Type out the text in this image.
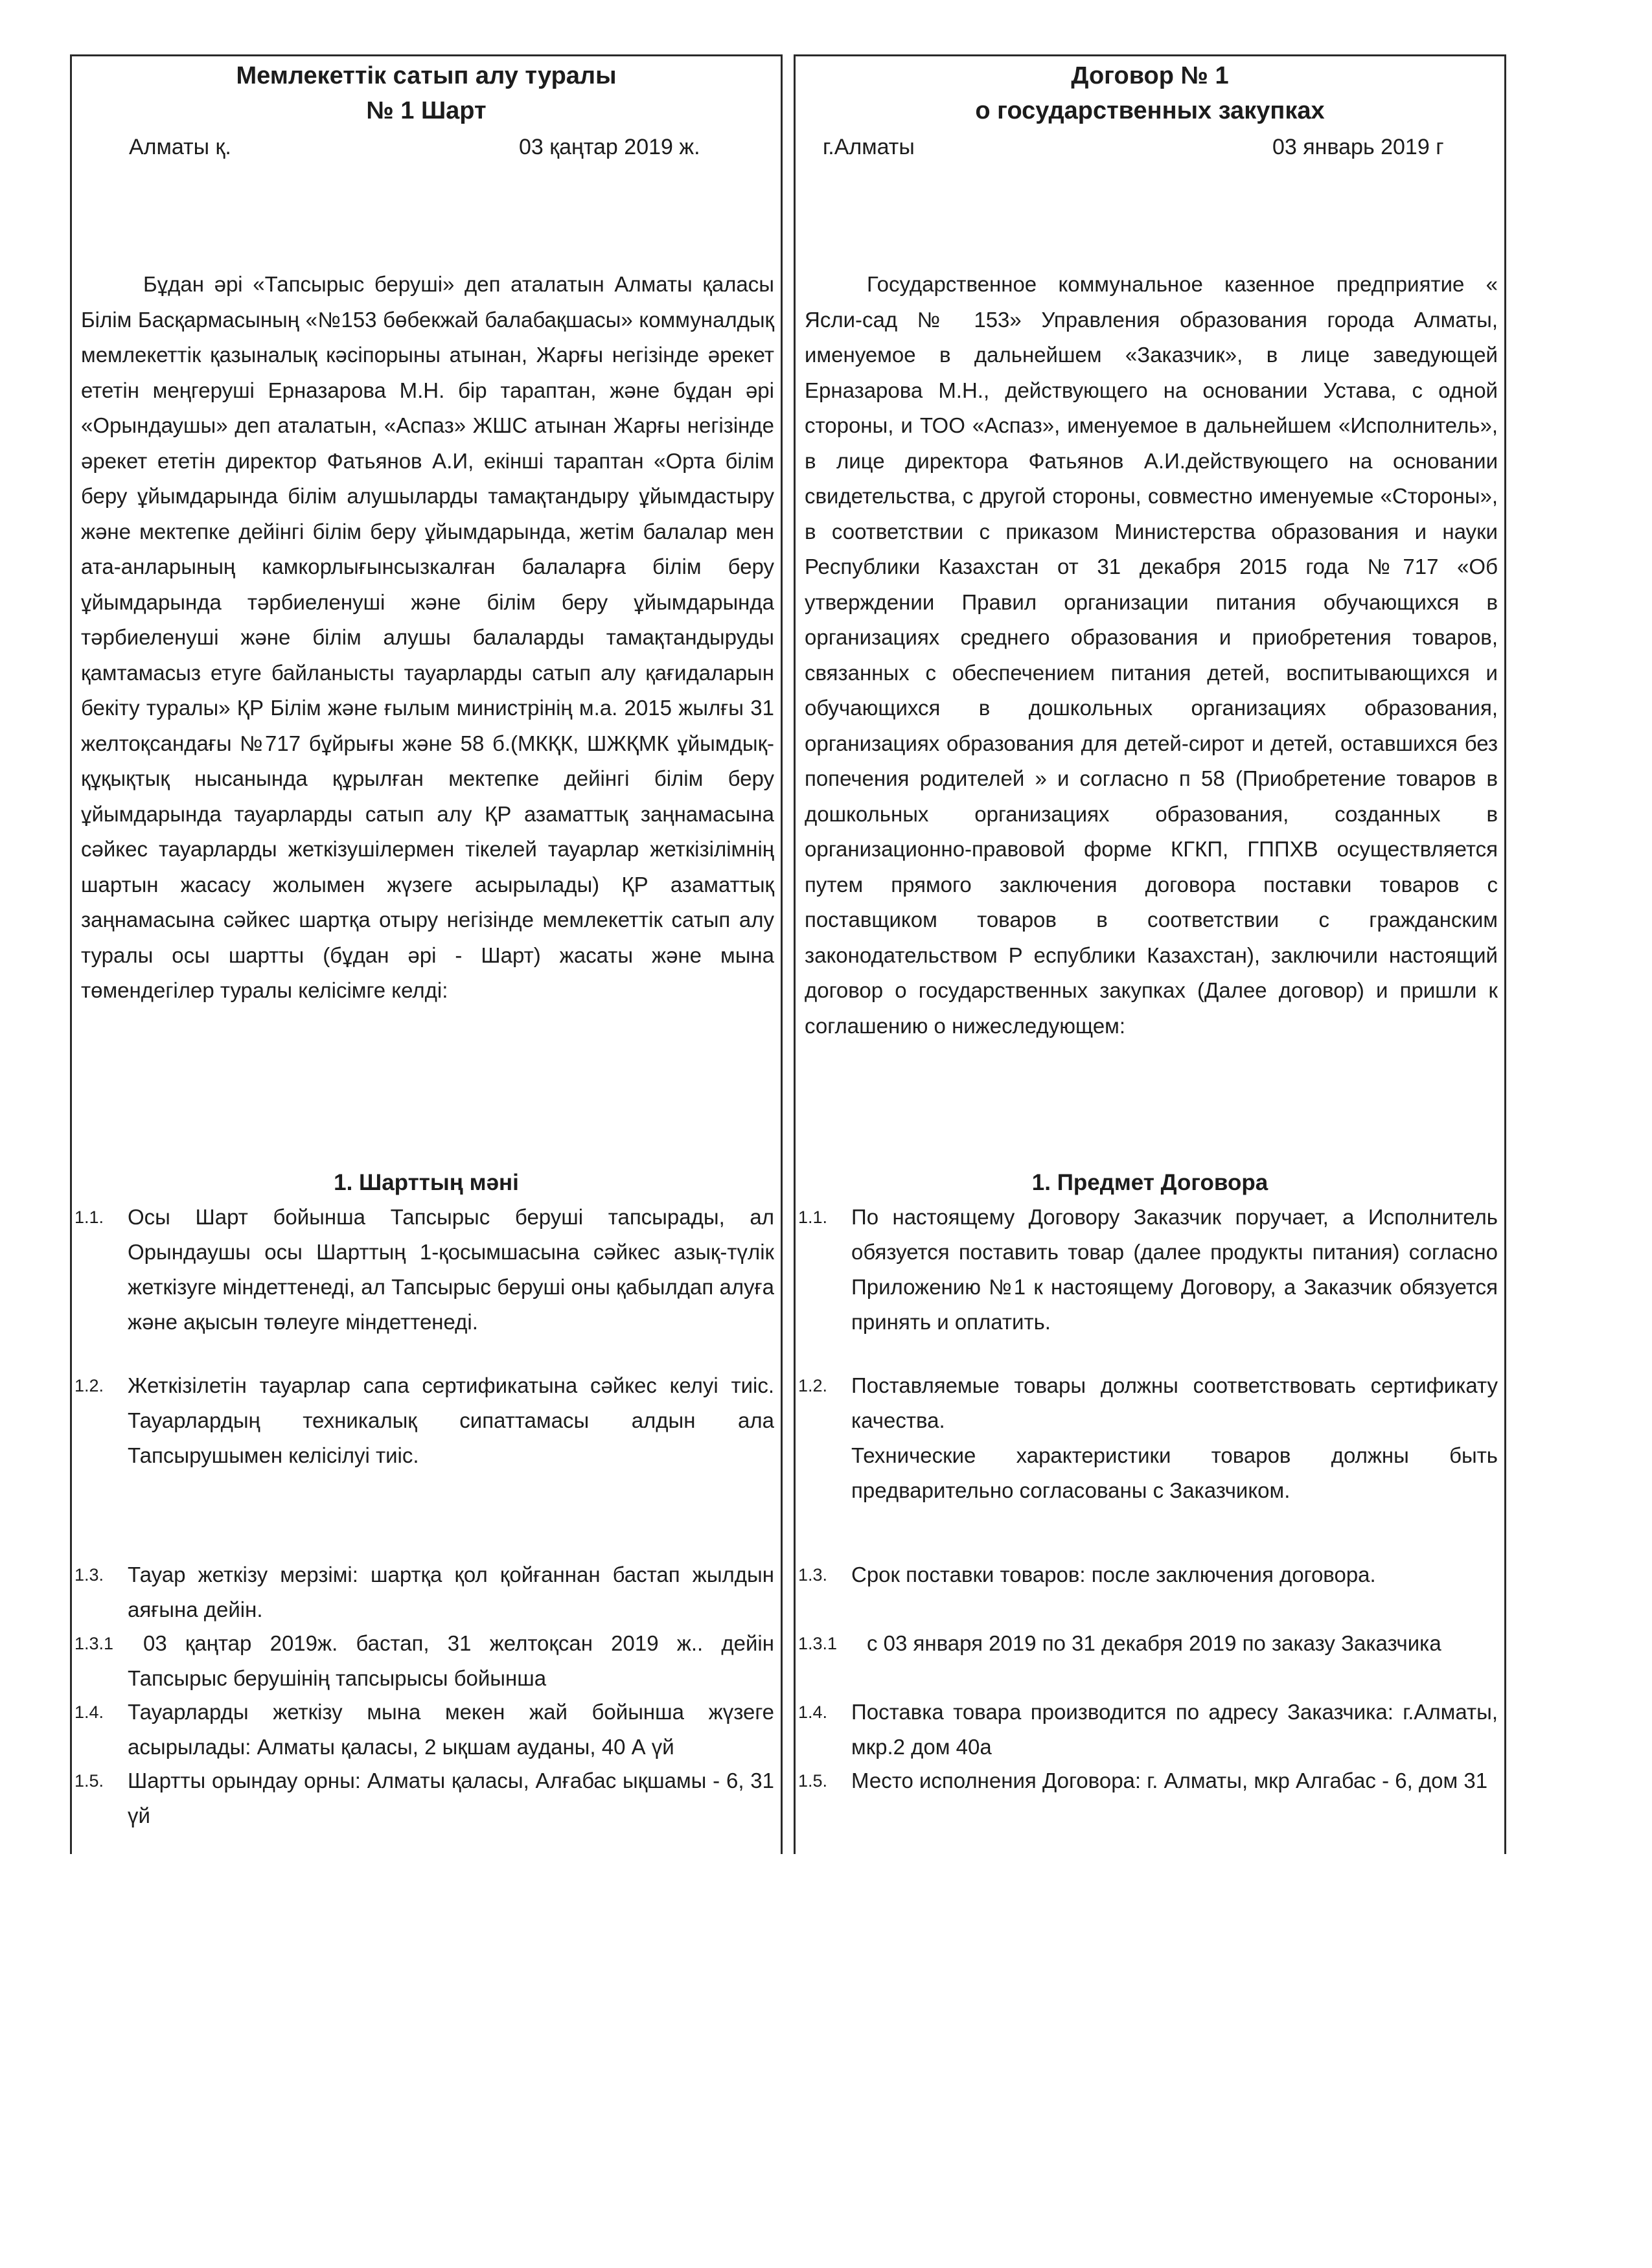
Мемлекеттік сатып алу туралы
№ 1 Шарт
Алматы қ.	03 қаңтар 2019 ж.
Бұдан әрі «Тапсырыс беруші» деп аталатын Алматы қаласы Білім Басқармасының «№153 бөбекжай балабақшасы» коммуналдық мемлекеттік қазыналық кәсіпорыны атынан, Жарғы негізінде әрекет ететін меңгеруші Ерназарова М.Н. бір тараптан, және бұдан әрі «Орындаушы» деп аталатын, «Аспаз» ЖШС атынан Жарғы негізінде әрекет ететін директор Фатьянов А.И, екінші тараптан «Орта білім беру ұйымдарында білім алушыларды тамақтандыру ұйымдастыру және мектепке дейінгі білім беру ұйымдарында, жетім балалар мен ата-анларының камкорлығынсызкалған балаларға білім беру ұйымдарында тәрбиеленуші және білім беру ұйымдарында тәрбиеленуші және білім алушы балаларды тамақтандыруды қамтамасыз етуге байланысты тауарларды сатып алу қағидаларын бекіту туралы» ҚР Білім және ғылым министрінің м.а. 2015 жылғы 31 желтоқсандағы №717 бұйрығы және 58 б.(МКҚК, ШЖҚМК ұйымдық-құқықтық нысанында құрылған мектепке дейінгі білім беру ұйымдарында тауарларды сатып алу ҚР азаматтық заңнамасына сәйкес тауарларды жеткізушілермен тікелей тауарлар жеткізілімнің шартын жасасу жолымен жүзеге асырылады) ҚР азаматтық заңнамасына сәйкес шартқа отыру негізінде мемлекеттік сатып алу туралы осы шартты (бұдан әрі - Шарт) жасаты және мына төмендегілер туралы келісімге келді:
1. Шарттың мәні
1.1. Осы Шарт бойынша Тапсырыс беруші тапсырады, ал Орындаушы осы Шарттың 1-қосымшасына сәйкес азық-түлік жеткізуге міндеттенеді, ал Тапсырыс беруші оны қабылдап алуға және ақысын төлеуге міндеттенеді.
1.2. Жеткізілетін тауарлар сапа сертификатына сәйкес келуі тиіс. Тауарлардың техникалық сипаттамасы алдын ала Тапсырушымен келісілуі тиіс.
1.3. Тауар жеткізу мерзімі: шартқа қол қойғаннан бастап жылдын аяғына дейін.
1.3.1	03 қаңтар 2019ж. бастап, 31 желтоқсан 2019 ж.. дейін Тапсырыс берушінің тапсырысы бойынша
1.4. Тауарларды жеткізу мына мекен жай бойынша жүзеге асырылады: Алматы қаласы, 2 ықшам ауданы, 40 А үй
1.5. Шартты орындау орны: Алматы қаласы, Алғабас ықшамы - 6, 31 үй
Договор № 1
о государственных закупках
г.Алматы	03 январь 2019 г
Государственное коммунальное казенное предприятие « Ясли-сад № 153» Управления образования города Алматы, именуемое в дальнейшем «Заказчик», в лице заведующей Ерназарова М.Н., действующего на основании Устава, с одной стороны, и ТОО «Аспаз», именуемое в дальнейшем «Исполнитель», в лице директора Фатьянов А.И.действующего на основании свидетельства, с другой стороны, совместно именуемые «Стороны», в соответствии с приказом Министерства образования и науки Республики Казахстан от 31 декабря 2015 года №717 «Об утверждении Правил организации питания обучающихся в организациях среднего образования и приобретения товаров, связанных с обеспечением питания детей, воспитывающихся и обучающихся в дошкольных организациях образования, организациях образования для детей-сирот и детей, оставшихся без попечения родителей » и согласно п 58 (Приобретение товаров в дошкольных организациях образования, созданных в организационно-правовой форме КГКП, ГППХВ осуществляется путем прямого заключения договора поставки товаров с поставщиком товаров в соответствии с гражданским законодательством Р еспублики Казахстан), заключили настоящий договор о государственных закупках (Далее договор) и пришли к соглашению о нижеследующем:
1. Предмет Договора
1.1. По настоящему Договору Заказчик поручает, а Исполнитель обязуется поставить товар (далее продукты питания) согласно Приложению №1 к настоящему Договору, а Заказчик обязуется принять и оплатить.
1.2. Поставляемые товары должны соответствовать сертификату качества.
Технические характеристики товаров должны быть предварительно согласованы с Заказчиком.
1.3. Срок поставки товаров: после заключения договора.
1.3.1	с 03 января 2019 по 31 декабря 2019 по заказу Заказчика
1.4. Поставка товара производится по адресу Заказчика: г.Алматы, мкр.2 дом 40а
1.5. Место исполнения Договора: г. Алматы, мкр Алгабас - 6, дом 31
